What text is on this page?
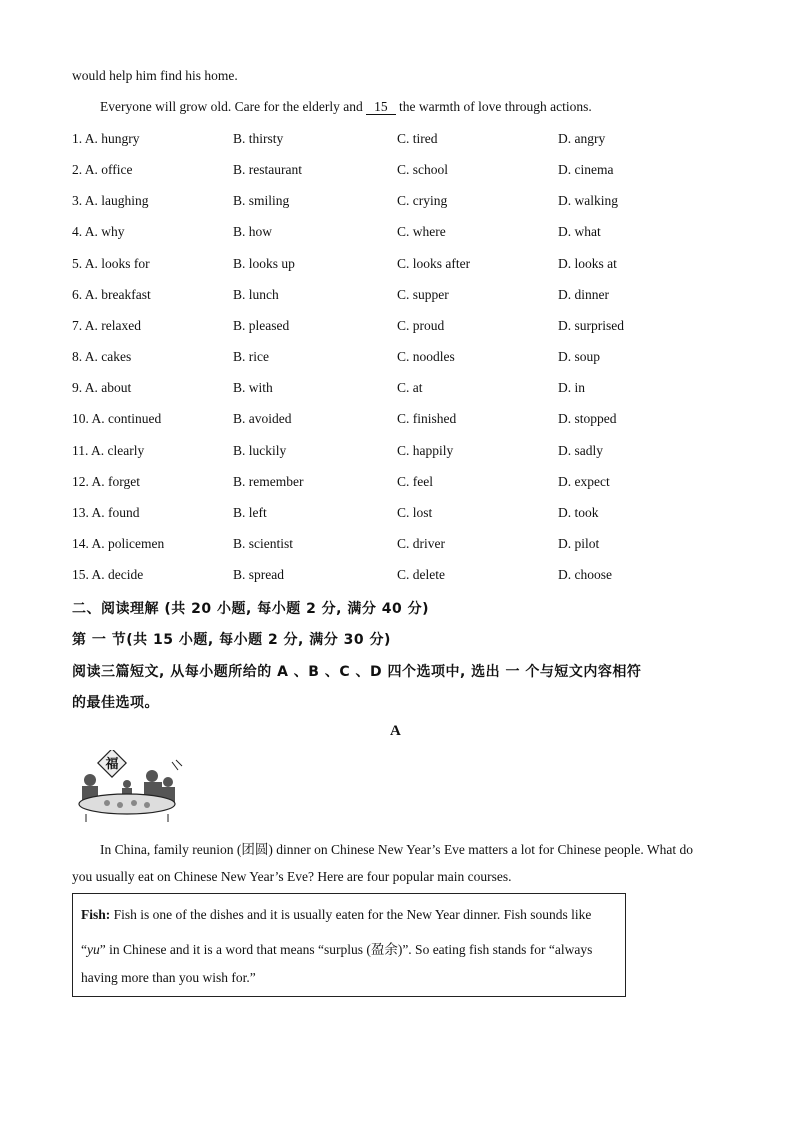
would help him find his home.
Everyone will grow old. Care for the elderly and 15 the warmth of love through actions.
1. A. hungry	B. thirsty	C. tired	D. angry
2. A. office	B. restaurant	C. school	D. cinema
3. A. laughing	B. smiling	C. crying	D. walking
4. A. why	B. how	C. where	D. what
5. A. looks for	B. looks up	C. looks after	D. looks at
6. A. breakfast	B. lunch	C. supper	D. dinner
7. A. relaxed	B. pleased	C. proud	D. surprised
8. A. cakes	B. rice	C. noodles	D. soup
9. A. about	B. with	C. at	D. in
10. A. continued	B. avoided	C. finished	D. stopped
11. A. clearly	B. luckily	C. happily	D. sadly
12. A. forget	B. remember	C. feel	D. expect
13. A. found	B. left	C. lost	D. took
14. A. policemen	B. scientist	C. driver	D. pilot
15. A. decide	B. spread	C. delete	D. choose
二、阅读理解 (共 20 小题, 每小题 2 分, 满分 40 分)
第 一 节(共 15 小题, 每小题 2 分, 满分 30 分)
阅读三篇短文, 从每小题所给的 A 、B 、C 、D 四个选项中, 选出 一 个与短文内容相符
的最佳选项。
A
福
In China, family reunion (团圆) dinner on Chinese New Year’s Eve matters a lot for Chinese people. What do
you usually eat on Chinese New Year’s Eve? Here are four popular main courses.
Fish: Fish is one of the dishes and it is usually eaten for the New Year dinner. Fish sounds like
“yu” in Chinese and it is a word that means “surplus (盈余)”. So eating fish stands for “always
having more than you wish for.”
